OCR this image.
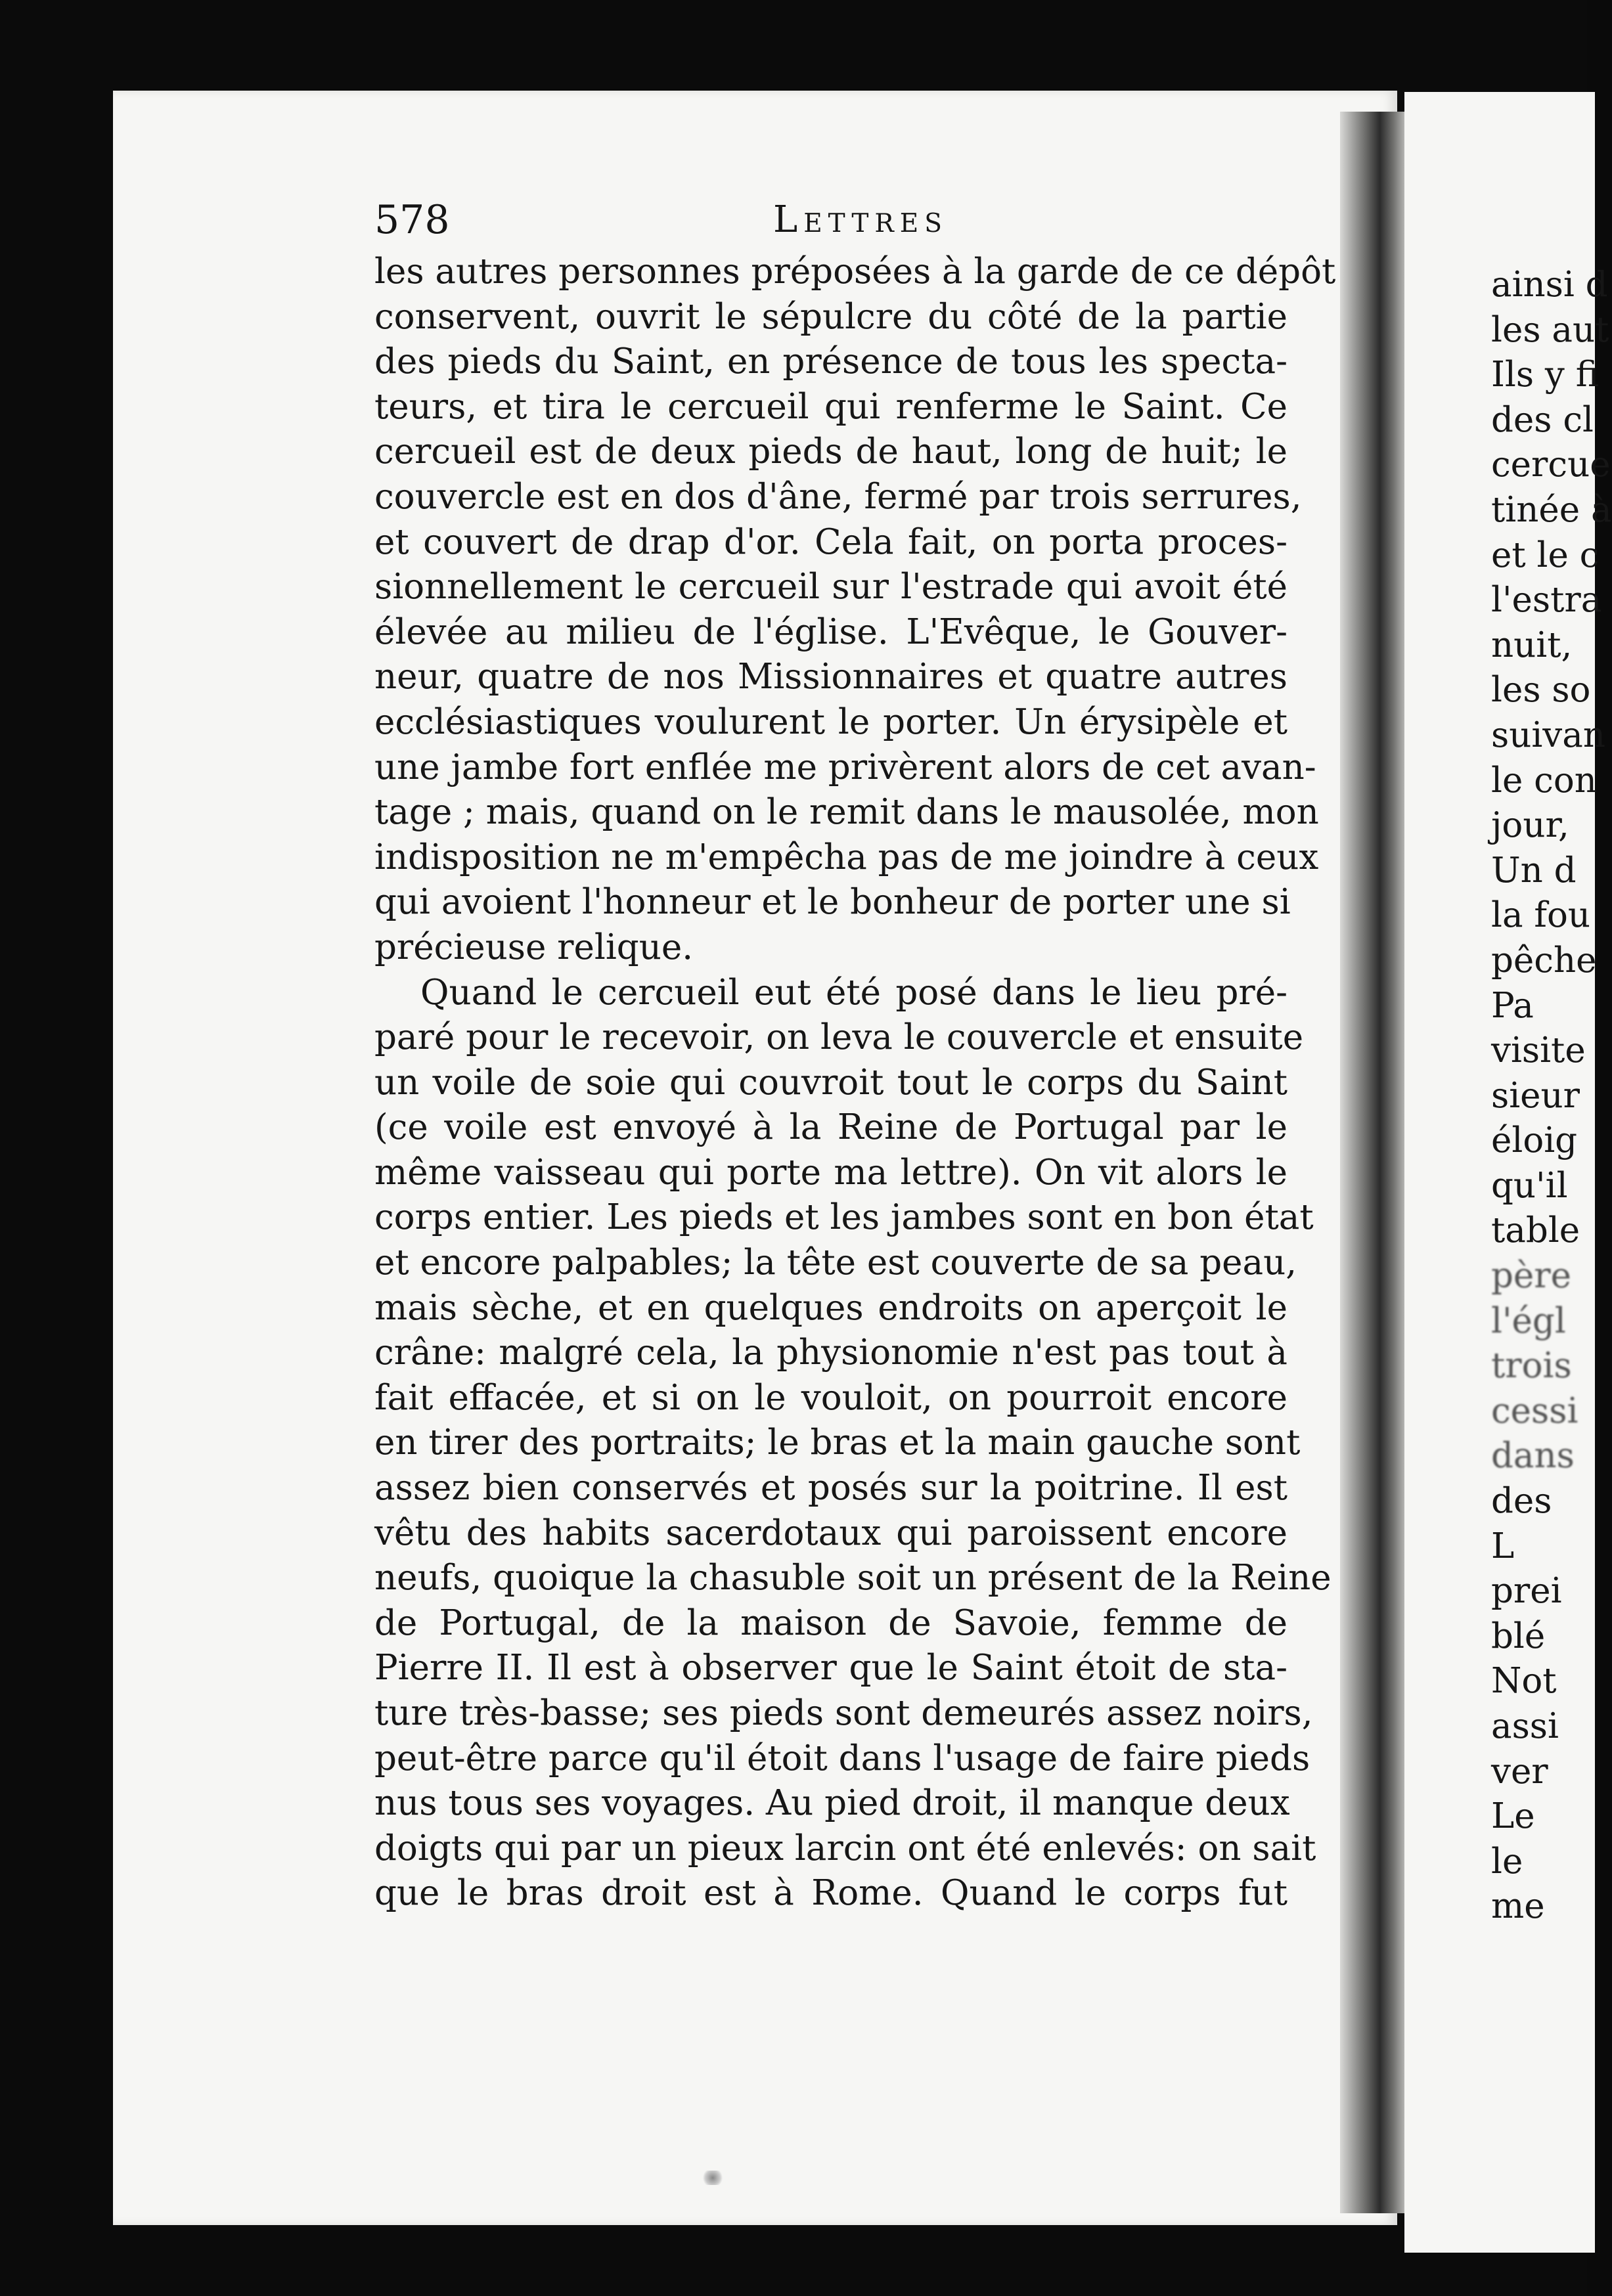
578	Lettres
les autres personnes préposées à la garde de ce dépôt
conservent, ouvrit le sépulcre du côté de la partie
des pieds du Saint, en présence de tous les specta-
teurs, et tira le cercueil qui renferme le Saint. Ce
cercueil est de deux pieds de haut, long de huit; le
couvercle est en dos d'âne, fermé par trois serrures,
et couvert de drap d'or. Cela fait, on porta proces-
sionnellement le cercueil sur l'estrade qui avoit été
élevée au milieu de l'église. L'Evêque, le Gouver-
neur, quatre de nos Missionnaires et quatre autres
ecclésiastiques voulurent le porter. Un érysipèle et
une jambe fort enflée me privèrent alors de cet avan-
tage ; mais, quand on le remit dans le mausolée, mon
indisposition ne m'empêcha pas de me joindre à ceux
qui avoient l'honneur et le bonheur de porter une si
précieuse relique.
Quand le cercueil eut été posé dans le lieu pré-
paré pour le recevoir, on leva le couvercle et ensuite
un voile de soie qui couvroit tout le corps du Saint
(ce voile est envoyé à la Reine de Portugal par le
même vaisseau qui porte ma lettre). On vit alors le
corps entier. Les pieds et les jambes sont en bon état
et encore palpables; la tête est couverte de sa peau,
mais sèche, et en quelques endroits on aperçoit le
crâne: malgré cela, la physionomie n'est pas tout à
fait effacée, et si on le vouloit, on pourroit encore
en tirer des portraits; le bras et la main gauche sont
assez bien conservés et posés sur la poitrine. Il est
vêtu des habits sacerdotaux qui paroissent encore
neufs, quoique la chasuble soit un présent de la Reine
de Portugal, de la maison de Savoie, femme de
Pierre II. Il est à observer que le Saint étoit de sta-
ture très-basse; ses pieds sont demeurés assez noirs,
peut-être parce qu'il étoit dans l'usage de faire pieds
nus tous ses voyages. Au pied droit, il manque deux
doigts qui par un pieux larcin ont été enlevés: on sait
que le bras droit est à Rome. Quand le corps fut
ainsi d
les aut
Ils y fi
des cl
cercue
tinée à
et le c
l'estra
nuit,
les so
suivan
le con
jour,
Un d
la fou
pêche
Pa
visite
sieur
éloig
qu'il
table
père
l'égl
trois
cessi
dans
des
L
prei
blé
Not
assi
ver
Le
le
me
